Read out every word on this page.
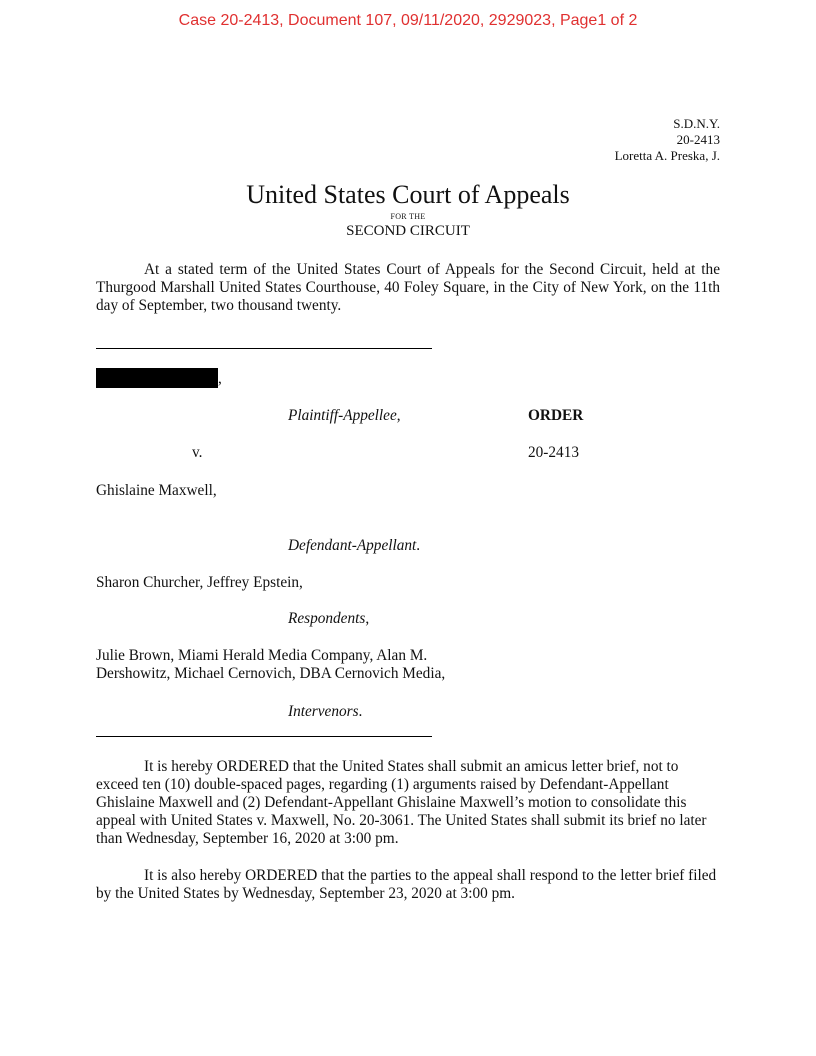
Case 20-2413, Document 107, 09/11/2020, 2929023, Page1 of 2
S.D.N.Y.
20-2413
Loretta A. Preska, J.
United States Court of Appeals
FOR THE
SECOND CIRCUIT
At a stated term of the United States Court of Appeals for the Second Circuit, held at the Thurgood Marshall United States Courthouse, 40 Foley Square, in the City of New York, on the 11th day of September, two thousand twenty.
,
Plaintiff-Appellee,	ORDER
v.	20-2413
Ghislaine Maxwell,
Defendant-Appellant.
Sharon Churcher, Jeffrey Epstein,
Respondents,
Julie Brown, Miami Herald Media Company, Alan M.
Dershowitz, Michael Cernovich, DBA Cernovich Media,
Intervenors.
It is hereby ORDERED that the United States shall submit an amicus letter brief, not to exceed ten (10) double-spaced pages, regarding (1) arguments raised by Defendant-Appellant Ghislaine Maxwell and (2) Defendant-Appellant Ghislaine Maxwell’s motion to consolidate this appeal with United States v. Maxwell, No. 20-3061. The United States shall submit its brief no later than Wednesday, September 16, 2020 at 3:00 pm.
It is also hereby ORDERED that the parties to the appeal shall respond to the letter brief filed by the United States by Wednesday, September 23, 2020 at 3:00 pm.
